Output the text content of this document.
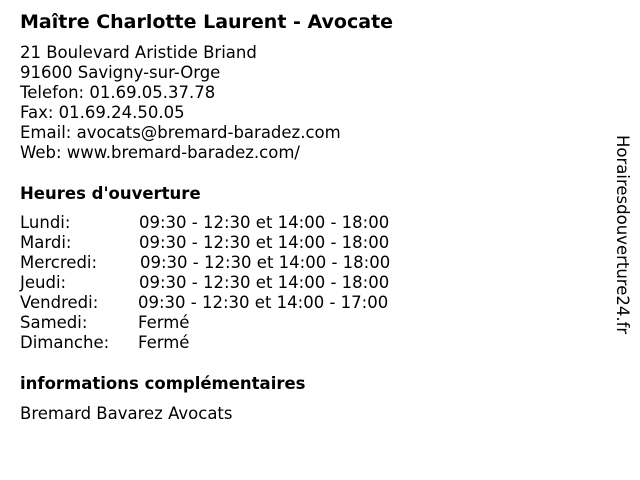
Maître Charlotte Laurent - Avocate
21 Boulevard Aristide Briand
91600 Savigny-sur-Orge
Telefon: 01.69.05.37.78
Fax: 01.69.24.50.05
Email: avocats@bremard-baradez.com
Web: www.bremard-baradez.com/
Heures d'ouverture
Lundi:	09:30 - 12:30 et 14:00 - 18:00
Mardi:	09:30 - 12:30 et 14:00 - 18:00
Mercredi:	09:30 - 12:30 et 14:00 - 18:00
Jeudi:	09:30 - 12:30 et 14:00 - 18:00
Vendredi: 09:30 - 12:30 et 14:00 - 17:00
Samedi:	Fermé
Dimanche: Fermé
informations complémentaires
Bremard Bavarez Avocats
Horairesdouverture24.fr
